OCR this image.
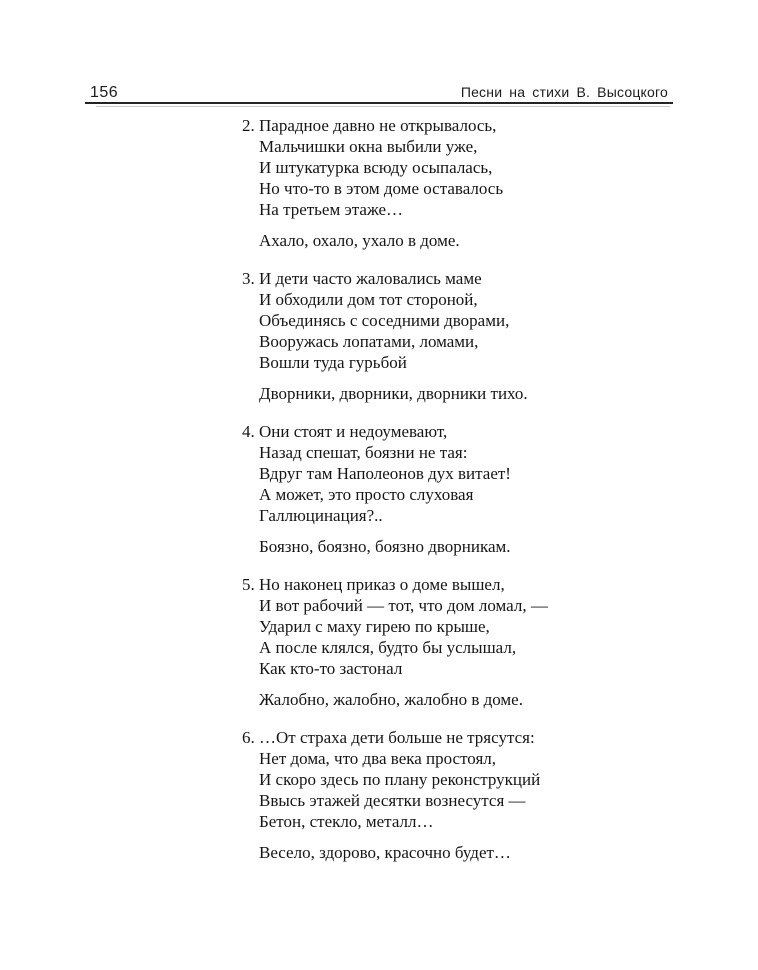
156	Песни на стихи В. Высоцкого
2. Парадное давно не открывалось,
Мальчишки окна выбили уже,
И штукатурка всюду осыпалась,
Но что-то в этом доме оставалось
На третьем этаже…
Ахало, охало, ухало в доме.
3. И дети часто жаловались маме
И обходили дом тот стороной,
Объединясь с соседними дворами,
Вооружась лопатами, ломами,
Вошли туда гурьбой
Дворники, дворники, дворники тихо.
4. Они стоят и недоумевают,
Назад спешат, боязни не тая:
Вдруг там Наполеонов дух витает!
А может, это просто слуховая
Галлюцинация?..
Боязно, боязно, боязно дворникам.
5. Но наконец приказ о доме вышел,
И вот рабочий — тот, что дом ломал, —
Ударил с маху гирею по крыше,
А после клялся, будто бы услышал,
Как кто-то застонал
Жалобно, жалобно, жалобно в доме.
6. …От страха дети больше не трясутся:
Нет дома, что два века простоял,
И скоро здесь по плану реконструкций
Ввысь этажей десятки вознесутся —
Бетон, стекло, металл…
Весело, здорово, красочно будет…
